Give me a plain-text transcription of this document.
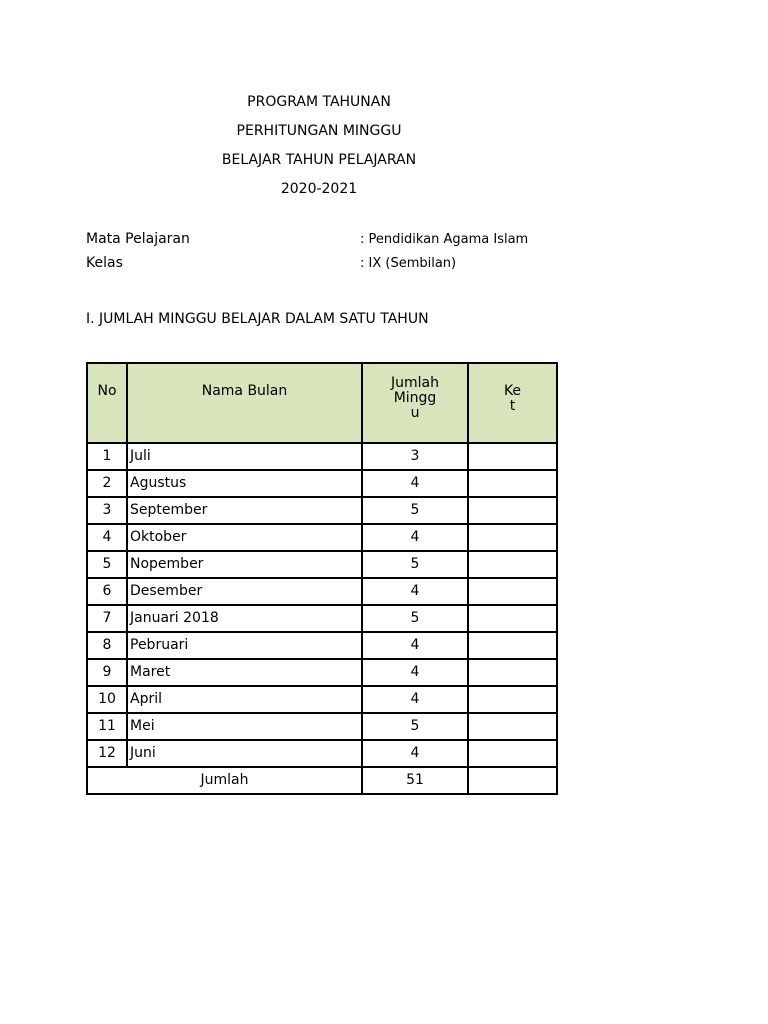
PROGRAM TAHUNAN
PERHITUNGAN MINGGU
BELAJAR TAHUN PELAJARAN
2020-2021
Mata Pelajaran	: Pendidikan Agama Islam
Kelas	: IX (Sembilan)
I. JUMLAH MINGGU BELAJAR DALAM SATU TAHUN
No	Nama Bulan	Jumlah Minggu	Ket

1	Juli	3	
2	Agustus	4	
3	September	5	
4	Oktober	4	
5	Nopember	5	
6	Desember	4	
7	Januari 2018	5	
8	Pebruari	4	
9	Maret	4	
10	April	4	
11	Mei	5	
12	Juni	4	
Jumlah		51	
